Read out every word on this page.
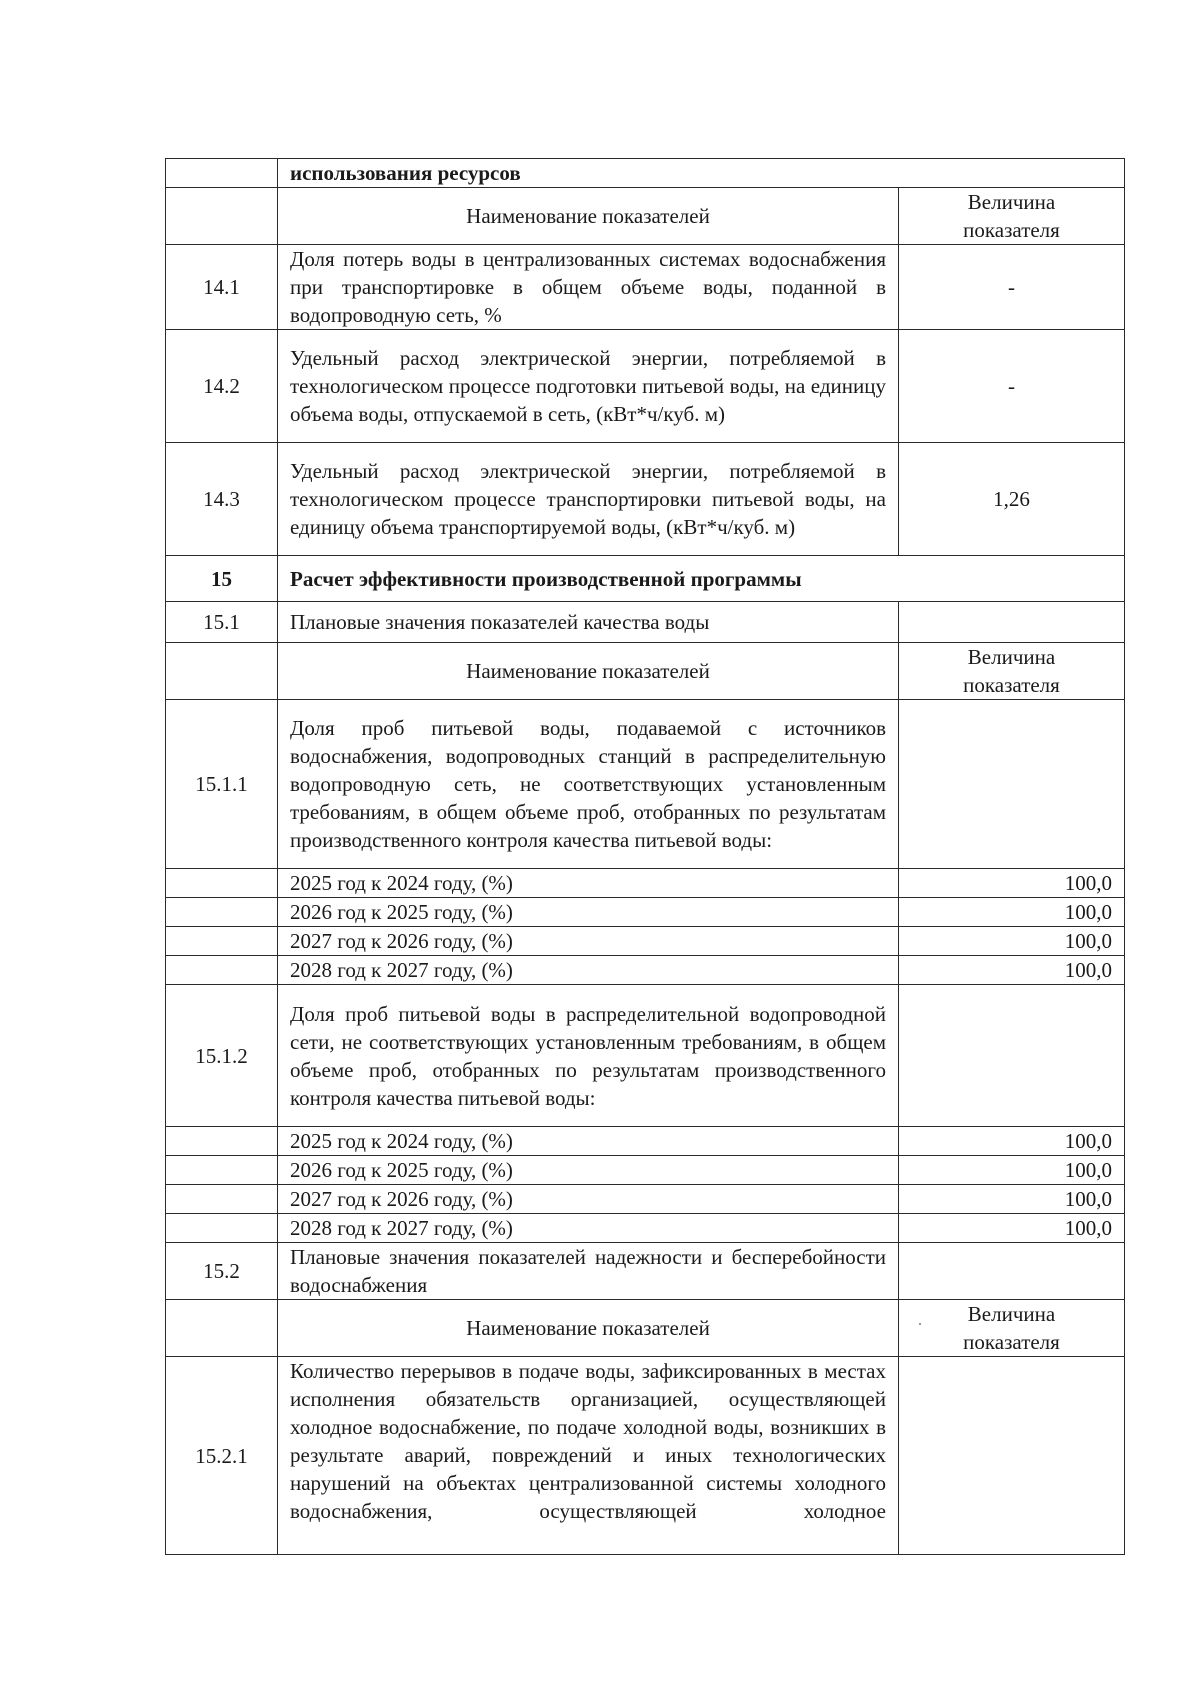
	использования ресурсов	
	Наименование показателей	Величина
показателя
14.1	Доля потерь воды в централизованных системах водоснабжения при транспортировке в общем объеме воды, поданной в водопроводную сеть, %	-
14.2	Удельный расход электрической энергии, потребляемой в технологическом процессе подготовки питьевой воды, на единицу объема воды, отпускаемой в сеть, (кВт*ч/куб. м)	-
14.3	Удельный расход электрической энергии, потребляемой в технологическом процессе транспортировки питьевой воды, на единицу объема транспортируемой воды, (кВт*ч/куб. м)	1,26
15	Расчет эффективности производственной программы	
15.1	Плановые значения показателей качества воды	
	Наименование показателей	Величина
показателя
15.1.1	Доля проб питьевой воды, подаваемой с источников водоснабжения, водопроводных станций в распределительную водопроводную сеть, не соответствующих установленным требованиям, в общем объеме проб, отобранных по результатам производственного контроля качества питьевой воды:	
	2025 год к 2024 году, (%)	100,0
	2026 год к 2025 году, (%)	100,0
	2027 год к 2026 году, (%)	100,0
	2028 год к 2027 году, (%)	100,0
15.1.2	Доля проб питьевой воды в распределительной водопроводной сети, не соответствующих установленным требованиям, в общем объеме проб, отобранных по результатам производственного контроля качества питьевой воды:	
	2025 год к 2024 году, (%)	100,0
	2026 год к 2025 году, (%)	100,0
	2027 год к 2026 году, (%)	100,0
	2028 год к 2027 году, (%)	100,0
15.2	Плановые значения показателей надежности и бесперебойности водоснабжения	
	Наименование показателей	Величина
показателя
15.2.1	Количество перерывов в подаче воды, зафиксированных в местах исполнения обязательств организацией, осуществляющей холодное водоснабжение, по подаче холодной воды, возникших в результате аварий, повреждений и иных технологических нарушений на объектах централизованной системы холодного водоснабжения, осуществляющей холодное	
